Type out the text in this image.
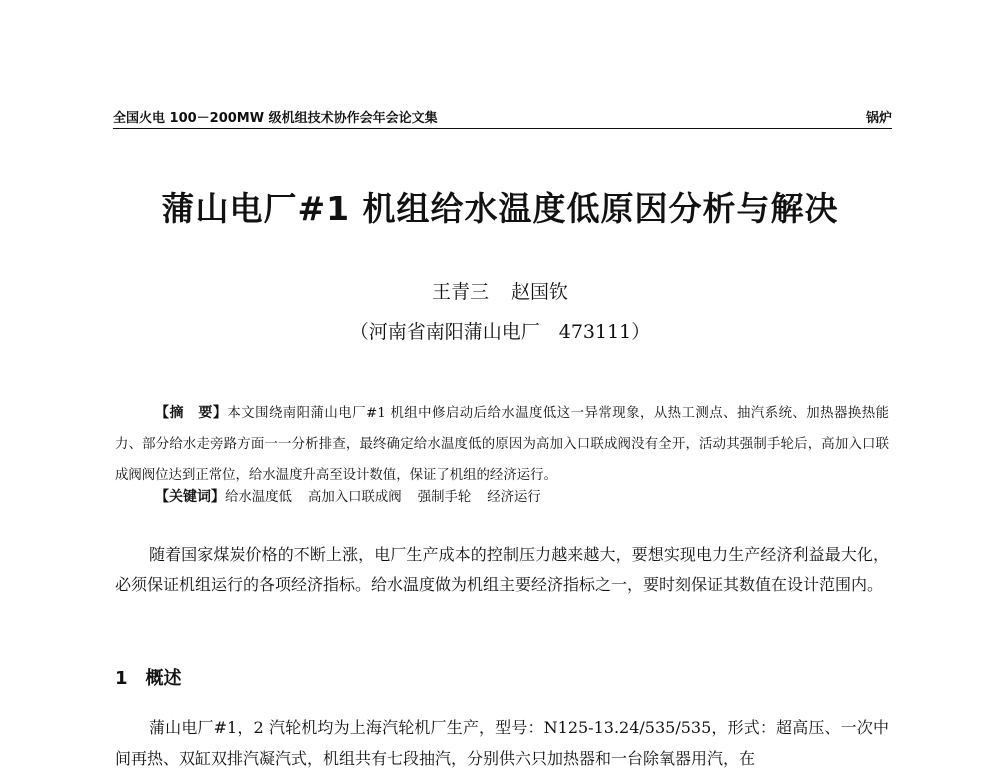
全国火电 100－200MW 级机组技术协作会年会论文集	锅炉
蒲山电厂#1 机组给水温度低原因分析与解决
王青三 赵国钦
（河南省南阳蒲山电厂　473111）
【摘　要】本文围绕南阳蒲山电厂#1 机组中修启动后给水温度低这一异常现象，从热工测点、抽汽系统、加热器换热能力、部分给水走旁路方面一一分析排查，最终确定给水温度低的原因为高加入口联成阀没有全开，活动其强制手轮后，高加入口联成阀阀位达到正常位，给水温度升高至设计数值，保证了机组的经济运行。
【关键词】给水温度低 高加入口联成阀 强制手轮 经济运行
随着国家煤炭价格的不断上涨，电厂生产成本的控制压力越来越大，要想实现电力生产经济利益最大化，必须保证机组运行的各项经济指标。给水温度做为机组主要经济指标之一，要时刻保证其数值在设计范围内。
1 概述
蒲山电厂#1，2 汽轮机均为上海汽轮机厂生产，型号：N125-13.24/535/535，形式：超高压、一次中间再热、双缸双排汽凝汽式，机组共有七段抽汽，分别供六只加热器和一台除氧器用汽，在
